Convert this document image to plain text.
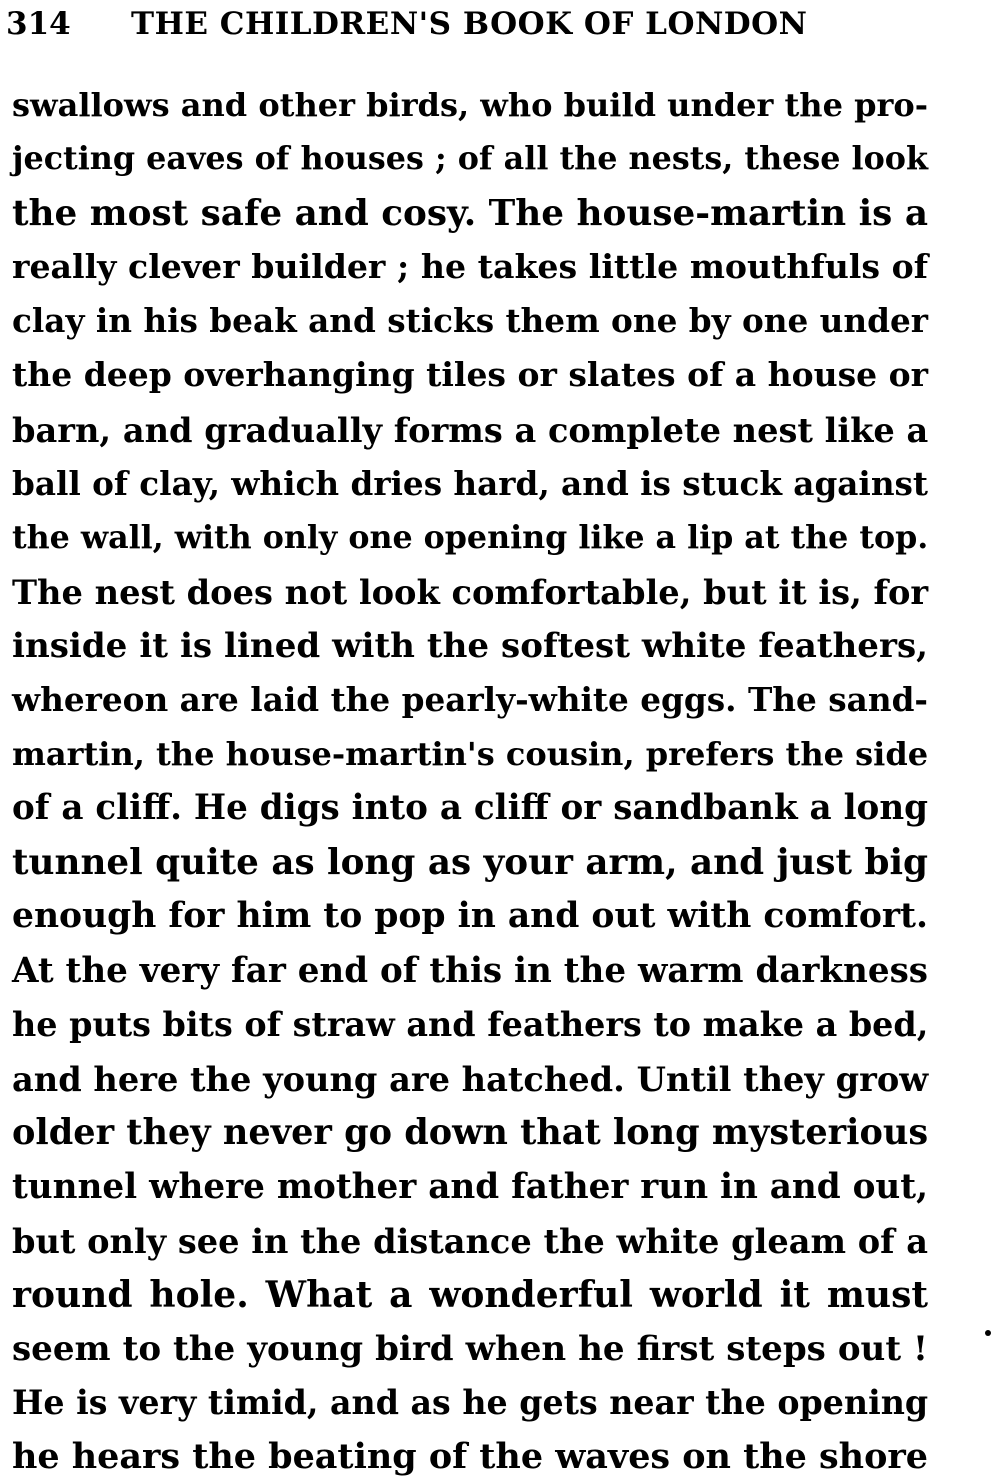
314 THE CHILDREN'S BOOK OF LONDON
swallows and other birds, who build under the pro-
jecting eaves of houses ; of all the nests, these look
the most safe and cosy. The house-martin is a
really clever builder ; he takes little mouthfuls of
clay in his beak and sticks them one by one under
the deep overhanging tiles or slates of a house or
barn, and gradually forms a complete nest like a
ball of clay, which dries hard, and is stuck against
the wall, with only one opening like a lip at the top.
The nest does not look comfortable, but it is, for
inside it is lined with the softest white feathers,
whereon are laid the pearly-white eggs. The sand-
martin, the house-martin's cousin, prefers the side
of a cliff. He digs into a cliff or sandbank a long
tunnel quite as long as your arm, and just big
enough for him to pop in and out with comfort.
At the very far end of this in the warm darkness
he puts bits of straw and feathers to make a bed,
and here the young are hatched. Until they grow
older they never go down that long mysterious
tunnel where mother and father run in and out,
but only see in the distance the white gleam of a
round hole. What a wonderful world it must
seem to the young bird when he first steps out !
He is very timid, and as he gets near the opening
he hears the beating of the waves on the shore
